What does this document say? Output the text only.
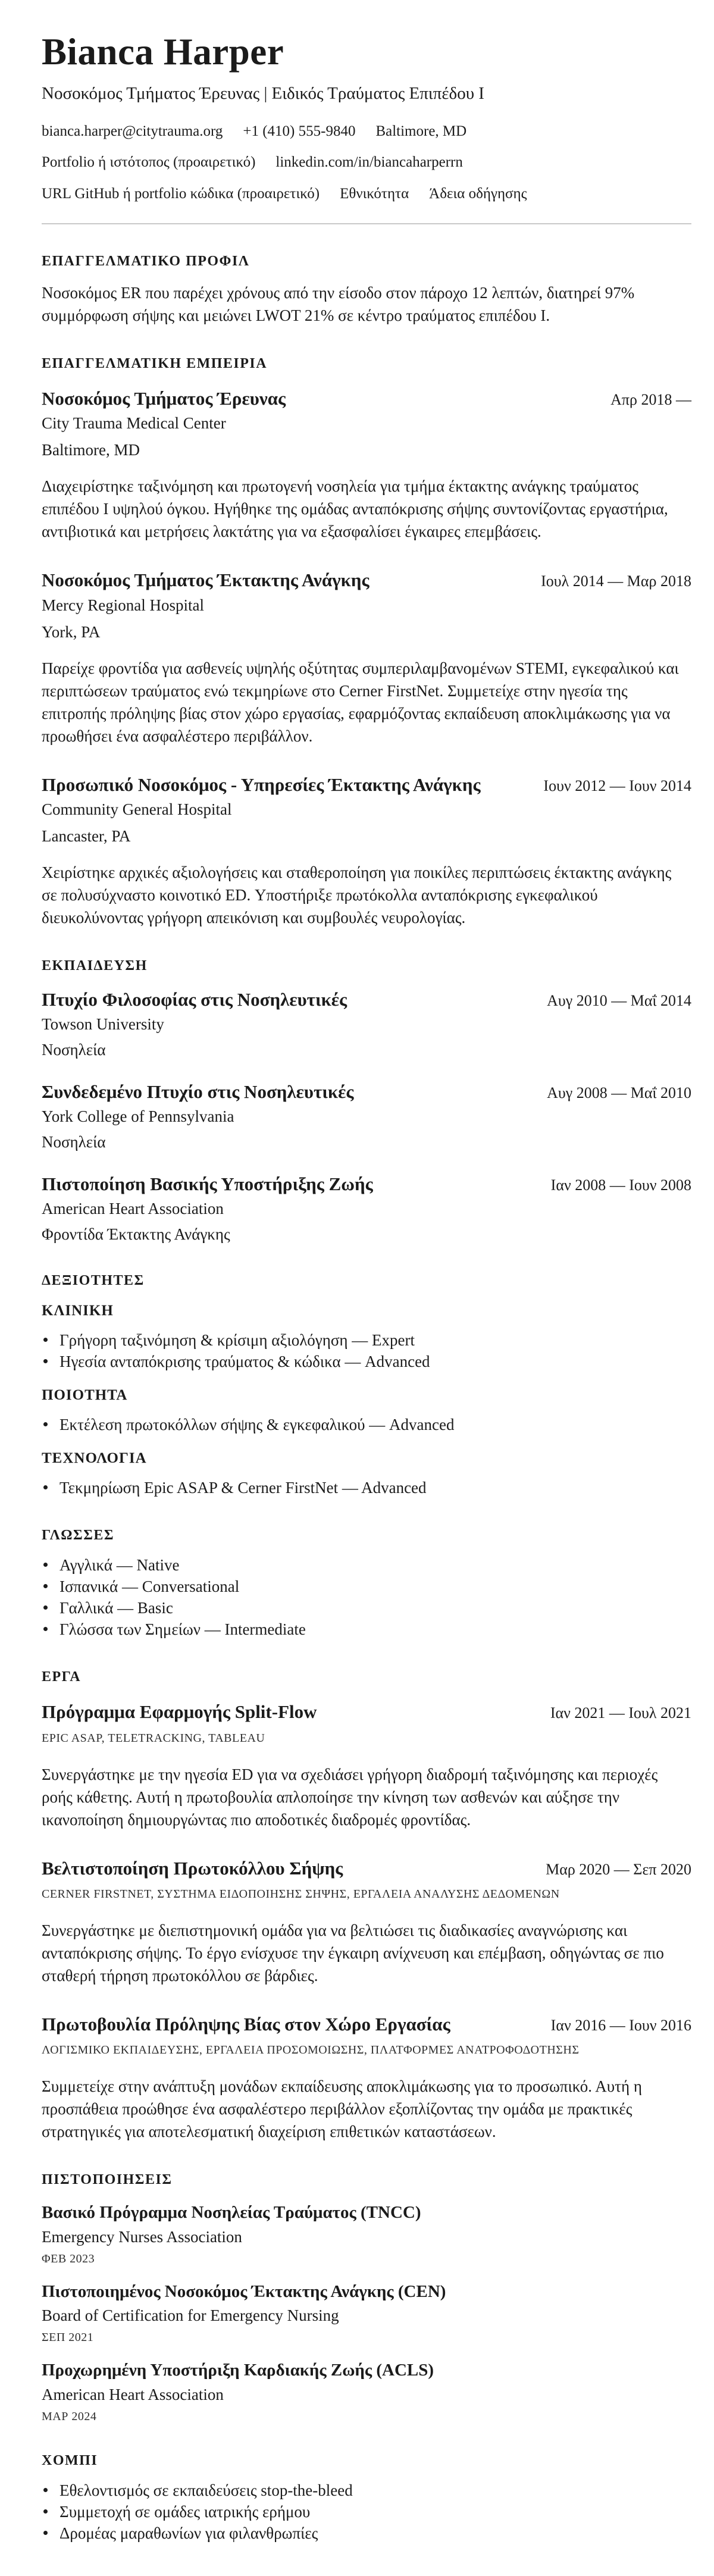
Bianca Harper
Νοσοκόμος Τμήματος Έρευνας | Ειδικός Τραύματος Επιπέδου I
bianca.harper@citytrauma.org +1 (410) 555-9840 Baltimore, MD
Portfolio ή ιστότοπος (προαιρετικό) linkedin.com/in/biancaharperrn
URL GitHub ή portfolio κώδικα (προαιρετικό) Εθνικότητα Άδεια οδήγησης
ΕΠΑΓΓΕΛΜΑΤΙΚΟ ΠΡΟΦΙΛ

Νοσοκόμος ER που παρέχει χρόνους από την είσοδο στον πάροχο 12 λεπτών, διατηρεί 97% συμμόρφωση σήψης και μειώνει LWOT 21% σε κέντρο τραύματος επιπέδου I.

ΕΠΑΓΓΕΛΜΑΤΙΚΗ ΕΜΠΕΙΡΙΑ
Νοσοκόμος Τμήματος Έρευνας	Απρ 2018 —
City Trauma Medical Center
Baltimore, MD

Διαχειρίστηκε ταξινόμηση και πρωτογενή νοσηλεία για τμήμα έκτακτης ανάγκης τραύματος επιπέδου I υψηλού όγκου. Ηγήθηκε της ομάδας ανταπόκρισης σήψης συντονίζοντας εργαστήρια, αντιβιοτικά και μετρήσεις λακτάτης για να εξασφαλίσει έγκαιρες επεμβάσεις.

Νοσοκόμος Τμήματος Έκτακτης Ανάγκης	Ιουλ 2014 — Μαρ 2018
Mercy Regional Hospital
York, PA

Παρείχε φροντίδα για ασθενείς υψηλής οξύτητας συμπεριλαμβανομένων STEMI, εγκεφαλικού και περιπτώσεων τραύματος ενώ τεκμηρίωνε στο Cerner FirstNet. Συμμετείχε στην ηγεσία της επιτροπής πρόληψης βίας στον χώρο εργασίας, εφαρμόζοντας εκπαίδευση αποκλιμάκωσης για να προωθήσει ένα ασφαλέστερο περιβάλλον.

Προσωπικό Νοσοκόμος - Υπηρεσίες Έκτακτης Ανάγκης	Ιουν 2012 — Ιουν 2014
Community General Hospital
Lancaster, PA

Χειρίστηκε αρχικές αξιολογήσεις και σταθεροποίηση για ποικίλες περιπτώσεις έκτακτης ανάγκης σε πολυσύχναστο κοινοτικό ED. Υποστήριξε πρωτόκολλα ανταπόκρισης εγκεφαλικού διευκολύνοντας γρήγορη απεικόνιση και συμβουλές νευρολογίας.

ΕΚΠΑΙΔΕΥΣΗ
Πτυχίο Φιλοσοφίας στις Νοσηλευτικές	Αυγ 2010 — Μαΐ 2014
Towson University
Νοσηλεία
Συνδεδεμένο Πτυχίο στις Νοσηλευτικές	Αυγ 2008 — Μαΐ 2010
York College of Pennsylvania
Νοσηλεία
Πιστοποίηση Βασικής Υποστήριξης Ζωής	Ιαν 2008 — Ιουν 2008
American Heart Association
Φροντίδα Έκτακτης Ανάγκης
ΔΕΞΙΟΤΗΤΕΣ
ΚΛΙΝΙΚΗ
Γρήγορη ταξινόμηση & κρίσιμη αξιολόγηση — Expert
Ηγεσία ανταπόκρισης τραύματος & κώδικα — Advanced
ΠΟΙΟΤΗΤΑ
Εκτέλεση πρωτοκόλλων σήψης & εγκεφαλικού — Advanced
ΤΕΧΝΟΛΟΓΙΑ
Τεκμηρίωση Epic ASAP & Cerner FirstNet — Advanced
ΓΛΩΣΣΕΣ
Αγγλικά — Native
Ισπανικά — Conversational
Γαλλικά — Basic
Γλώσσα των Σημείων — Intermediate
ΕΡΓΑ
Πρόγραμμα Εφαρμογής Split-Flow	Ιαν 2021 — Ιουλ 2021
EPIC ASAP, TELETRACKING, TABLEAU

Συνεργάστηκε με την ηγεσία ED για να σχεδιάσει γρήγορη διαδρομή ταξινόμησης και περιοχές ροής κάθετης. Αυτή η πρωτοβουλία απλοποίησε την κίνηση των ασθενών και αύξησε την ικανοποίηση δημιουργώντας πιο αποδοτικές διαδρομές φροντίδας.

Βελτιστοποίηση Πρωτοκόλλου Σήψης	Μαρ 2020 — Σεπ 2020
CERNER FIRSTNET, ΣΥΣΤΗΜΑ ΕΙΔΟΠΟΙΗΣΗΣ ΣΗΨΗΣ, ΕΡΓΑΛΕΙΑ ΑΝΑΛΥΣΗΣ ΔΕΔΟΜΕΝΩΝ

Συνεργάστηκε με διεπιστημονική ομάδα για να βελτιώσει τις διαδικασίες αναγνώρισης και ανταπόκρισης σήψης. Το έργο ενίσχυσε την έγκαιρη ανίχνευση και επέμβαση, οδηγώντας σε πιο σταθερή τήρηση πρωτοκόλλου σε βάρδιες.

Πρωτοβουλία Πρόληψης Βίας στον Χώρο Εργασίας	Ιαν 2016 — Ιουν 2016
ΛΟΓΙΣΜΙΚΟ ΕΚΠΑΙΔΕΥΣΗΣ, ΕΡΓΑΛΕΙΑ ΠΡΟΣΟΜΟΙΩΣΗΣ, ΠΛΑΤΦΟΡΜΕΣ ΑΝΑΤΡΟΦΟΔΟΤΗΣΗΣ

Συμμετείχε στην ανάπτυξη μονάδων εκπαίδευσης αποκλιμάκωσης για το προσωπικό. Αυτή η προσπάθεια προώθησε ένα ασφαλέστερο περιβάλλον εξοπλίζοντας την ομάδα με πρακτικές στρατηγικές για αποτελεσματική διαχείριση επιθετικών καταστάσεων.

ΠΙΣΤΟΠΟΙΗΣΕΙΣ
Βασικό Πρόγραμμα Νοσηλείας Τραύματος (TNCC)
Emergency Nurses Association
ΦΕΒ 2023
Πιστοποιημένος Νοσοκόμος Έκτακτης Ανάγκης (CEN)
Board of Certification for Emergency Nursing
ΣΕΠ 2021
Προχωρημένη Υποστήριξη Καρδιακής Ζωής (ACLS)
American Heart Association
ΜΑΡ 2024
ΧΟΜΠΙ
Εθελοντισμός σε εκπαιδεύσεις stop-the-bleed
Συμμετοχή σε ομάδες ιατρικής ερήμου
Δρομέας μαραθωνίων για φιλανθρωπίες
